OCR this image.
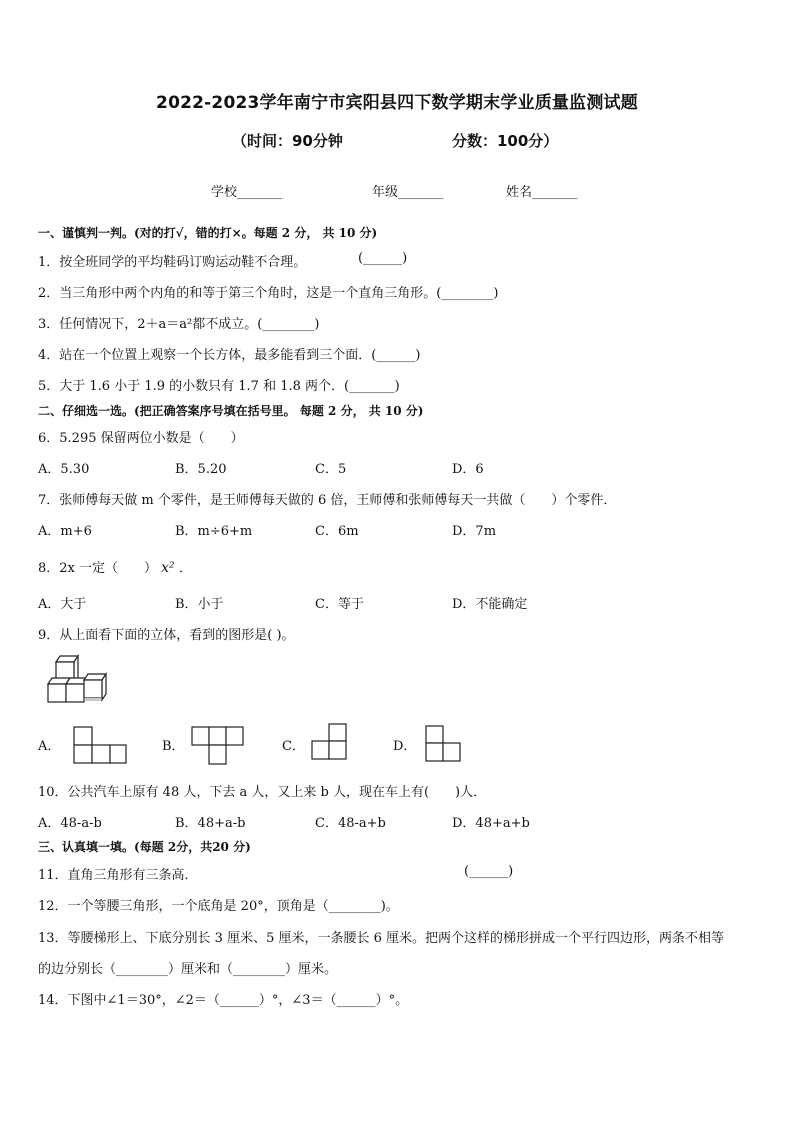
2022-2023学年南宁市宾阳县四下数学期末学业质量监测试题
（时间：90分钟	分数：100分）
学校_______	年级_______	姓名_______
一、谨慎判一判。(对的打√，错的打×。每题 2 分， 共 10 分)
1．按全班同学的平均鞋码订购运动鞋不合理。	(______)
2．当三角形中两个内角的和等于第三个角时，这是一个直角三角形。(________)
3．任何情况下，2＋a＝a²都不成立。(________)
4．站在一个位置上观察一个长方体，最多能看到三个面．(______)
5．大于 1.6 小于 1.9 的小数只有 1.7 和 1.8 两个．(_______)
二、仔细选一选。(把正确答案序号填在括号里。 每题 2 分， 共 10 分)
6．5.295 保留两位小数是（　　）
A．5.30	B．5.20	C．5	D．6
7．张师傅每天做 m 个零件，是王师傅每天做的 6 倍，王师傅和张师傅每天一共做（　　）个零件．
A．m+6	B．m÷6+m	C．6m	D．7m
8．2x 一定（　　） x² ．
A．大于	B．小于	C．等于	D．不能确定
9．从上面看下面的立体，看到的图形是( )。
A．	B．	C．	D．
10．公共汽车上原有 48 人，下去 a 人，又上来 b 人，现在车上有(　　)人．
A．48-a-b	B．48+a-b	C．48-a+b	D．48+a+b
三、认真填一填。(每题 2分，共20 分)
11．直角三角形有三条高．	(______)
12．一个等腰三角形，一个底角是 20°，顶角是（________)。
13．等腰梯形上、下底分别长 3 厘米、5 厘米，一条腰长 6 厘米。把两个这样的梯形拼成一个平行四边形，两条不相等
的边分别长（________）厘米和（________）厘米。
14．下图中∠1＝30°，∠2＝（______）°，∠3＝（______）°。
